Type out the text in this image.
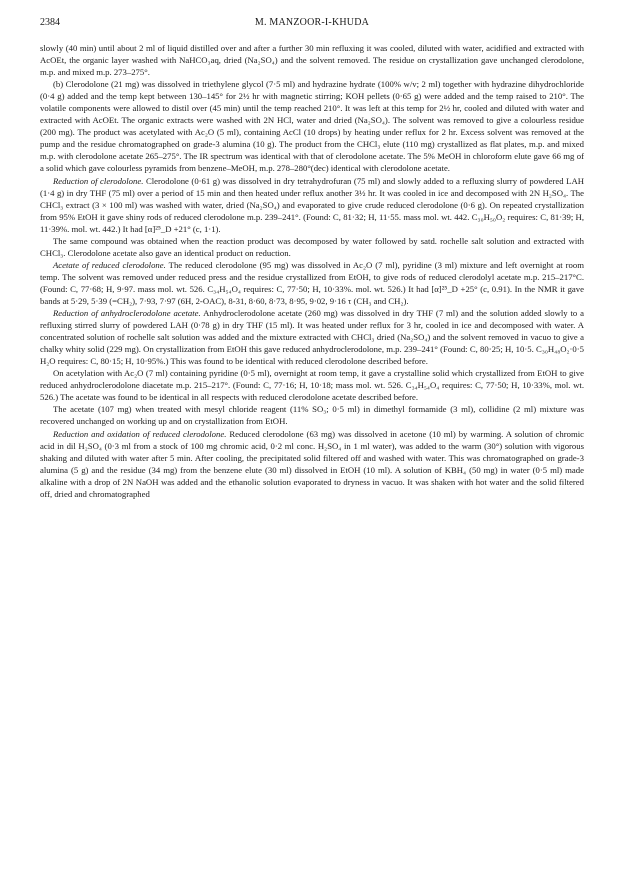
2384	M. MANZOOR-I-KHUDA

slowly (40 min) until about 2 ml of liquid distilled over and after a further 30 min refluxing it was cooled, diluted with water, acidified and extracted with AcOEt, the organic layer washed with NaHCO₃aq, dried (Na₂SO₄) and the solvent removed. The residue on crystallization gave unchanged clerodolone, m.p. and mixed m.p. 273–275°.

(b) Clerodolone (21 mg) was dissolved in triethylene glycol (7·5 ml) and hydrazine hydrate (100% w/v; 2 ml) together with hydrazine dihydrochloride (0·4 g) added and the temp kept between 130–145° for 2½ hr with magnetic stirring; KOH pellets (0·65 g) were added and the temp raised to 210°. The volatile components were allowed to distil over (45 min) until the temp reached 210°. It was left at this temp for 2½ hr, cooled and diluted with water and extracted with AcOEt. The organic extracts were washed with 2N HCl, water and dried (Na₂SO₄). The solvent was removed to give a colourless residue (200 mg). The product was acetylated with Ac₂O (5 ml), containing AcCl (10 drops) by heating under reflux for 2 hr. Excess solvent was removed at the pump and the residue chromatographed on grade-3 alumina (10 g). The product from the CHCl₃ elute (110 mg) crystallized as flat plates, m.p. and mixed m.p. with clerodolone acetate 265–275°. The IR spectrum was identical with that of clerodolone acetate. The 5% MeOH in chloroform elute gave 66 mg of a solid which gave colourless pyramids from benzene–MeOH, m.p. 278–280°(dec) identical with clerodolone acetate.

Reduction of clerodolone. Clerodolone (0·61 g) was dissolved in dry tetrahydrofuran (75 ml) and slowly added to a refluxing slurry of powdered LAH (1·4 g) in dry THF (75 ml) over a period of 15 min and then heated under reflux another 3½ hr. It was cooled in ice and decomposed with 2N H₂SO₄. The CHCl₃ extract (3 × 100 ml) was washed with water, dried (Na₂SO₄) and evaporated to give crude reduced clerodolone (0·6 g). On repeated crystallization from 95% EtOH it gave shiny rods of reduced clerodolone m.p. 239–241°. (Found: C, 81·32; H, 11·55. mass mol. wt. 442. C₃₀H₅₀O₂ requires: C, 81·39; H, 11·39%. mol. wt. 442.) It had [α]²⁵_D +21° (c, 1·1).

The same compound was obtained when the reaction product was decomposed by water followed by satd. rochelle salt solution and extracted with CHCl₃. Clerodolone acetate also gave an identical product on reduction.

Acetate of reduced clerodolone. The reduced clerodolone (95 mg) was dissolved in Ac₂O (7 ml), pyridine (3 ml) mixture and left overnight at room temp. The solvent was removed under reduced press and the residue crystallized from EtOH, to give rods of reduced clerodolyl acetate m.p. 215–217°C. (Found: C, 77·68; H, 9·97. mass mol. wt. 526. C₃₄H₅₄O₄ requires: C, 77·50; H, 10·33%. mol. wt. 526.) It had [α]²⁵_D +25° (c, 0.91). In the NMR it gave bands at 5·29, 5·39 (=CH₂), 7·93, 7·97 (6H, 2-OAC), 8-31, 8·60, 8·73, 8·95, 9·02, 9·16 τ (CH₃ and CH₂).

Reduction of anhydroclerodolone acetate. Anhydroclerodolone acetate (260 mg) was dissolved in dry THF (7 ml) and the solution added slowly to a refluxing stirred slurry of powdered LAH (0·78 g) in dry THF (15 ml). It was heated under reflux for 3 hr, cooled in ice and decomposed with water. A concentrated solution of rochelle salt solution was added and the mixture extracted with CHCl₃ dried (Na₂SO₄) and the solvent removed in vacuo to give a chalky whity solid (229 mg). On crystallization from EtOH this gave reduced anhydroclerodolone, m.p. 239–241° (Found: C, 80·25; H, 10·5. C₃₀H₄₈O₂·0·5 H₂O requires: C, 80·15; H, 10·95%.) This was found to be identical with reduced clerodolone described before.

On acetylation with Ac₂O (7 ml) containing pyridine (0·5 ml), overnight at room temp, it gave a crystalline solid which crystallized from EtOH to give reduced anhydroclerodolone diacetate m.p. 215–217°. (Found: C, 77·16; H, 10·18; mass mol. wt. 526. C₃₄H₅₄O₄ requires: C, 77·50; H, 10·33%, mol. wt. 526.) The acetate was found to be identical in all respects with reduced clerodolone acetate described before.

The acetate (107 mg) when treated with mesyl chloride reagent (11% SO₃; 0·5 ml) in dimethyl formamide (3 ml), collidine (2 ml) mixture was recovered unchanged on working up and on crystallization from EtOH.

Reduction and oxidation of reduced clerodolone. Reduced clerodolone (63 mg) was dissolved in acetone (10 ml) by warming. A solution of chromic acid in dil H₂SO₄ (0·3 ml from a stock of 100 mg chromic acid, 0·2 ml conc. H₂SO₄ in 1 ml water), was added to the warm (30°) solution with vigorous shaking and diluted with water after 5 min. After cooling, the precipitated solid filtered off and washed with water. This was chromatographed on grade-3 alumina (5 g) and the residue (34 mg) from the benzene elute (30 ml) dissolved in EtOH (10 ml). A solution of KBH₄ (50 mg) in water (0·5 ml) made alkaline with a drop of 2N NaOH was added and the ethanolic solution evaporated to dryness in vacuo. It was shaken with hot water and the solid filtered off, dried and chromatographed
